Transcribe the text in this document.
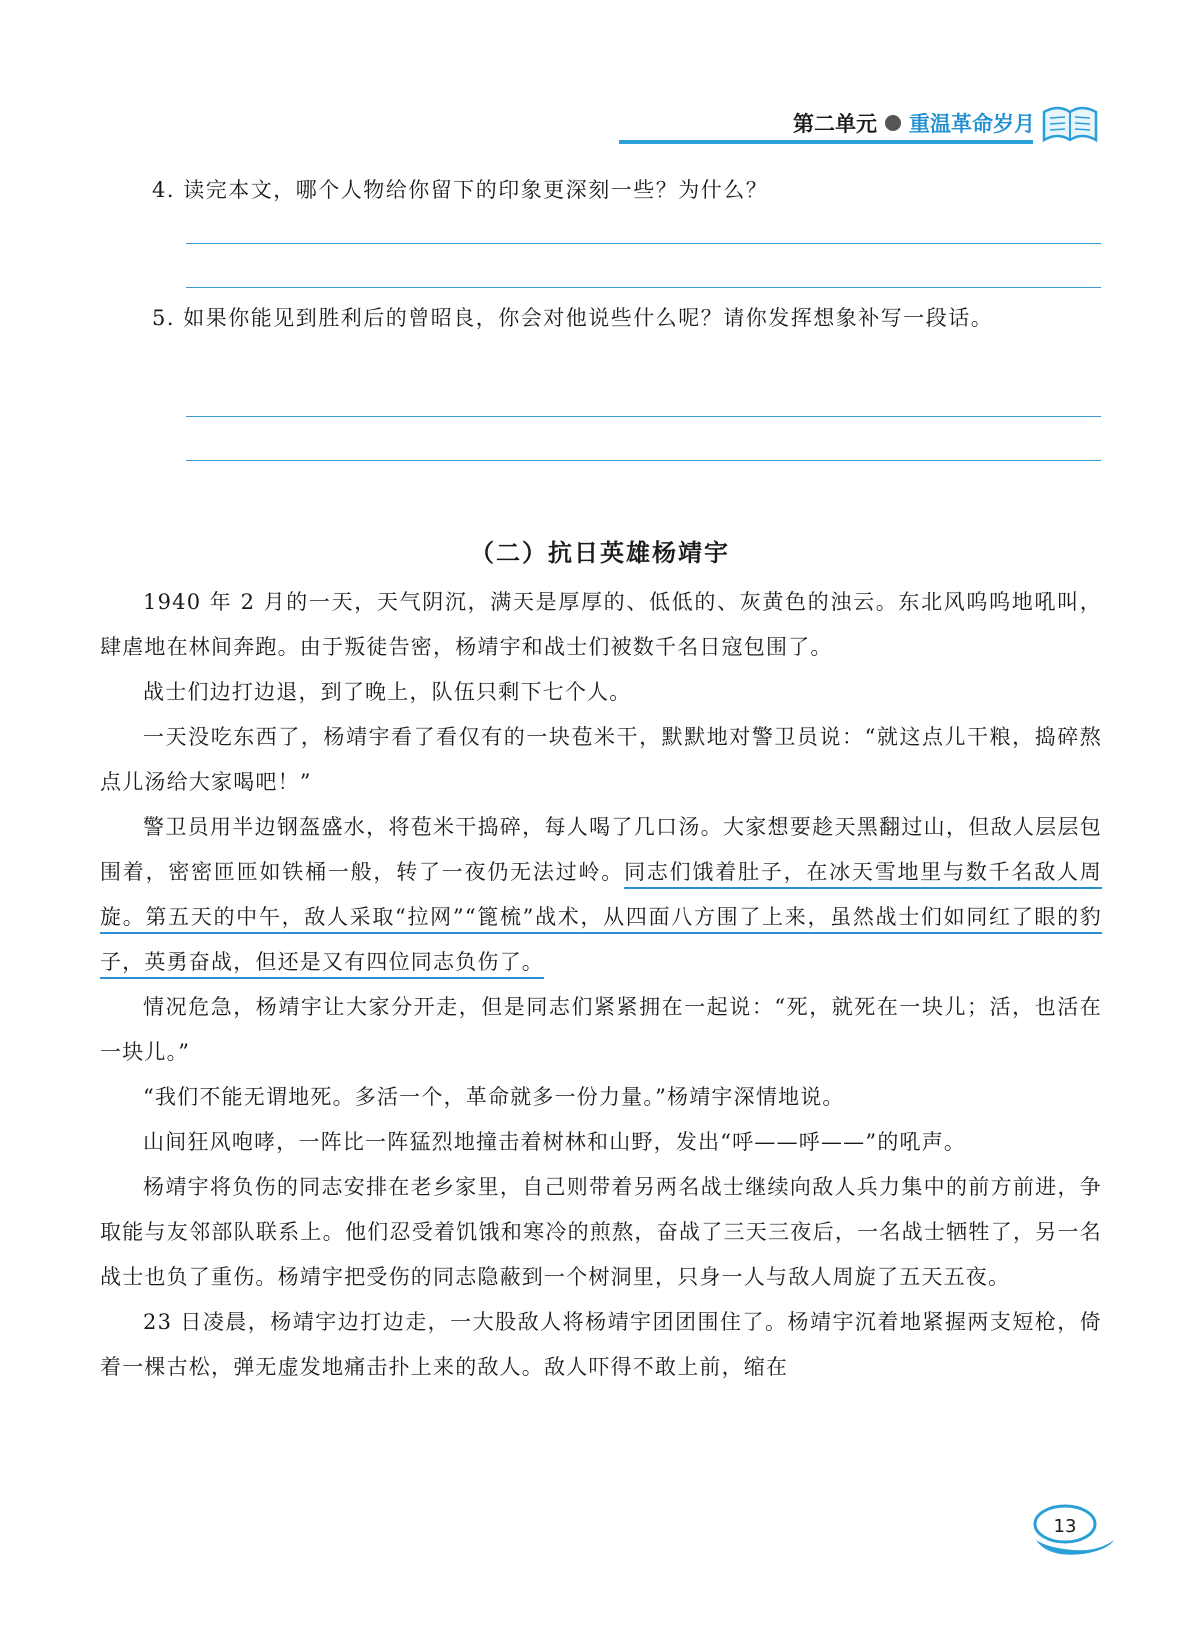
第二单元 重温革命岁月
4. 读完本文，哪个人物给你留下的印象更深刻一些？为什么？
5. 如果你能见到胜利后的曾昭良，你会对他说些什么呢？请你发挥想象补写一段话。
（二）抗日英雄杨靖宇

1940 年 2 月的一天，天气阴沉，满天是厚厚的、低低的、灰黄色的浊云。东北风呜呜地吼叫，肆虐地在林间奔跑。由于叛徒告密，杨靖宇和战士们被数千名日寇包围了。

战士们边打边退，到了晚上，队伍只剩下七个人。

一天没吃东西了，杨靖宇看了看仅有的一块苞米干，默默地对警卫员说：“就这点儿干粮，捣碎熬点儿汤给大家喝吧！”

警卫员用半边钢盔盛水，将苞米干捣碎，每人喝了几口汤。大家想要趁天黑翻过山，但敌人层层包围着，密密匝匝如铁桶一般，转了一夜仍无法过岭。同志们饿着肚子，在冰天雪地里与数千名敌人周旋。第五天的中午，敌人采取“拉网”“篦梳”战术，从四面八方围了上来，虽然战士们如同红了眼的豹子，英勇奋战，但还是又有四位同志负伤了。

情况危急，杨靖宇让大家分开走，但是同志们紧紧拥在一起说：“死，就死在一块儿；活，也活在一块儿。”

“我们不能无谓地死。多活一个，革命就多一份力量。”杨靖宇深情地说。

山间狂风咆哮，一阵比一阵猛烈地撞击着树林和山野，发出“呼——呼——”的吼声。

杨靖宇将负伤的同志安排在老乡家里，自己则带着另两名战士继续向敌人兵力集中的前方前进，争取能与友邻部队联系上。他们忍受着饥饿和寒冷的煎熬，奋战了三天三夜后，一名战士牺牲了，另一名战士也负了重伤。杨靖宇把受伤的同志隐蔽到一个树洞里，只身一人与敌人周旋了五天五夜。

23 日凌晨，杨靖宇边打边走，一大股敌人将杨靖宇团团围住了。杨靖宇沉着地紧握两支短枪，倚着一棵古松，弹无虚发地痛击扑上来的敌人。敌人吓得不敢上前，缩在

13
